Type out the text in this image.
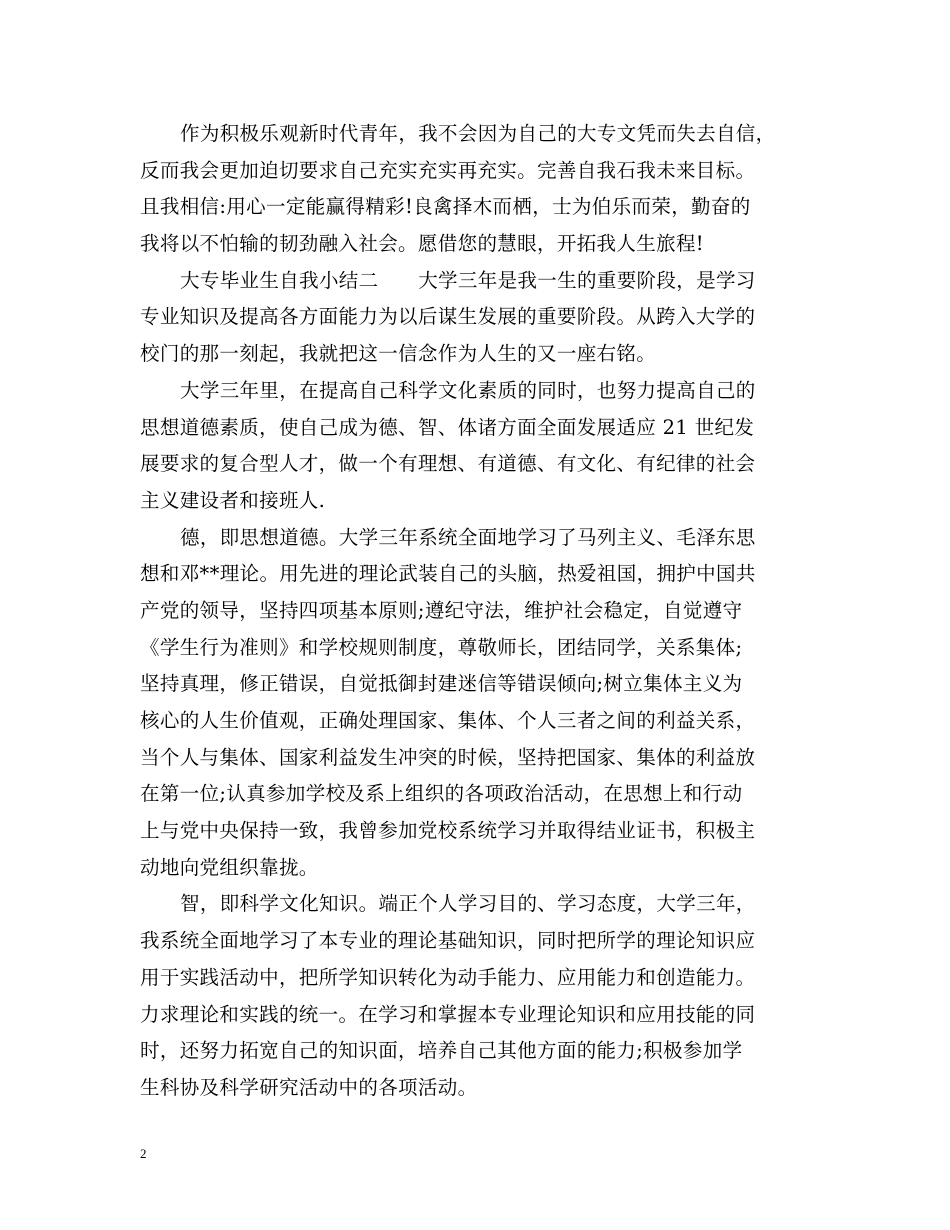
作为积极乐观新时代青年，我不会因为自己的大专文凭而失去自信，
反而我会更加迫切要求自己充实充实再充实。完善自我石我未来目标。
且我相信:用心一定能赢得精彩!良禽择木而栖，士为伯乐而荣，勤奋的
我将以不怕输的韧劲融入社会。愿借您的慧眼，开拓我人生旅程!
大专毕业生自我小结二　　大学三年是我一生的重要阶段，是学习
专业知识及提高各方面能力为以后谋生发展的重要阶段。从跨入大学的
校门的那一刻起，我就把这一信念作为人生的又一座右铭。
大学三年里，在提高自己科学文化素质的同时，也努力提高自己的
思想道德素质，使自己成为德、智、体诸方面全面发展适应 21 世纪发
展要求的复合型人才，做一个有理想、有道德、有文化、有纪律的社会
主义建设者和接班人.
德，即思想道德。大学三年系统全面地学习了马列主义、毛泽东思
想和邓**理论。用先进的理论武装自己的头脑，热爱祖国，拥护中国共
产党的领导，坚持四项基本原则;遵纪守法，维护社会稳定，自觉遵守
《学生行为准则》和学校规则制度，尊敬师长，团结同学，关系集体;
坚持真理，修正错误，自觉抵御封建迷信等错误倾向;树立集体主义为
核心的人生价值观，正确处理国家、集体、个人三者之间的利益关系，
当个人与集体、国家利益发生冲突的时候，坚持把国家、集体的利益放
在第一位;认真参加学校及系上组织的各项政治活动，在思想上和行动
上与党中央保持一致，我曾参加党校系统学习并取得结业证书，积极主
动地向党组织靠拢。
智，即科学文化知识。端正个人学习目的、学习态度，大学三年，
我系统全面地学习了本专业的理论基础知识，同时把所学的理论知识应
用于实践活动中，把所学知识转化为动手能力、应用能力和创造能力。
力求理论和实践的统一。在学习和掌握本专业理论知识和应用技能的同
时，还努力拓宽自己的知识面，培养自己其他方面的能力;积极参加学
生科协及科学研究活动中的各项活动。
2
